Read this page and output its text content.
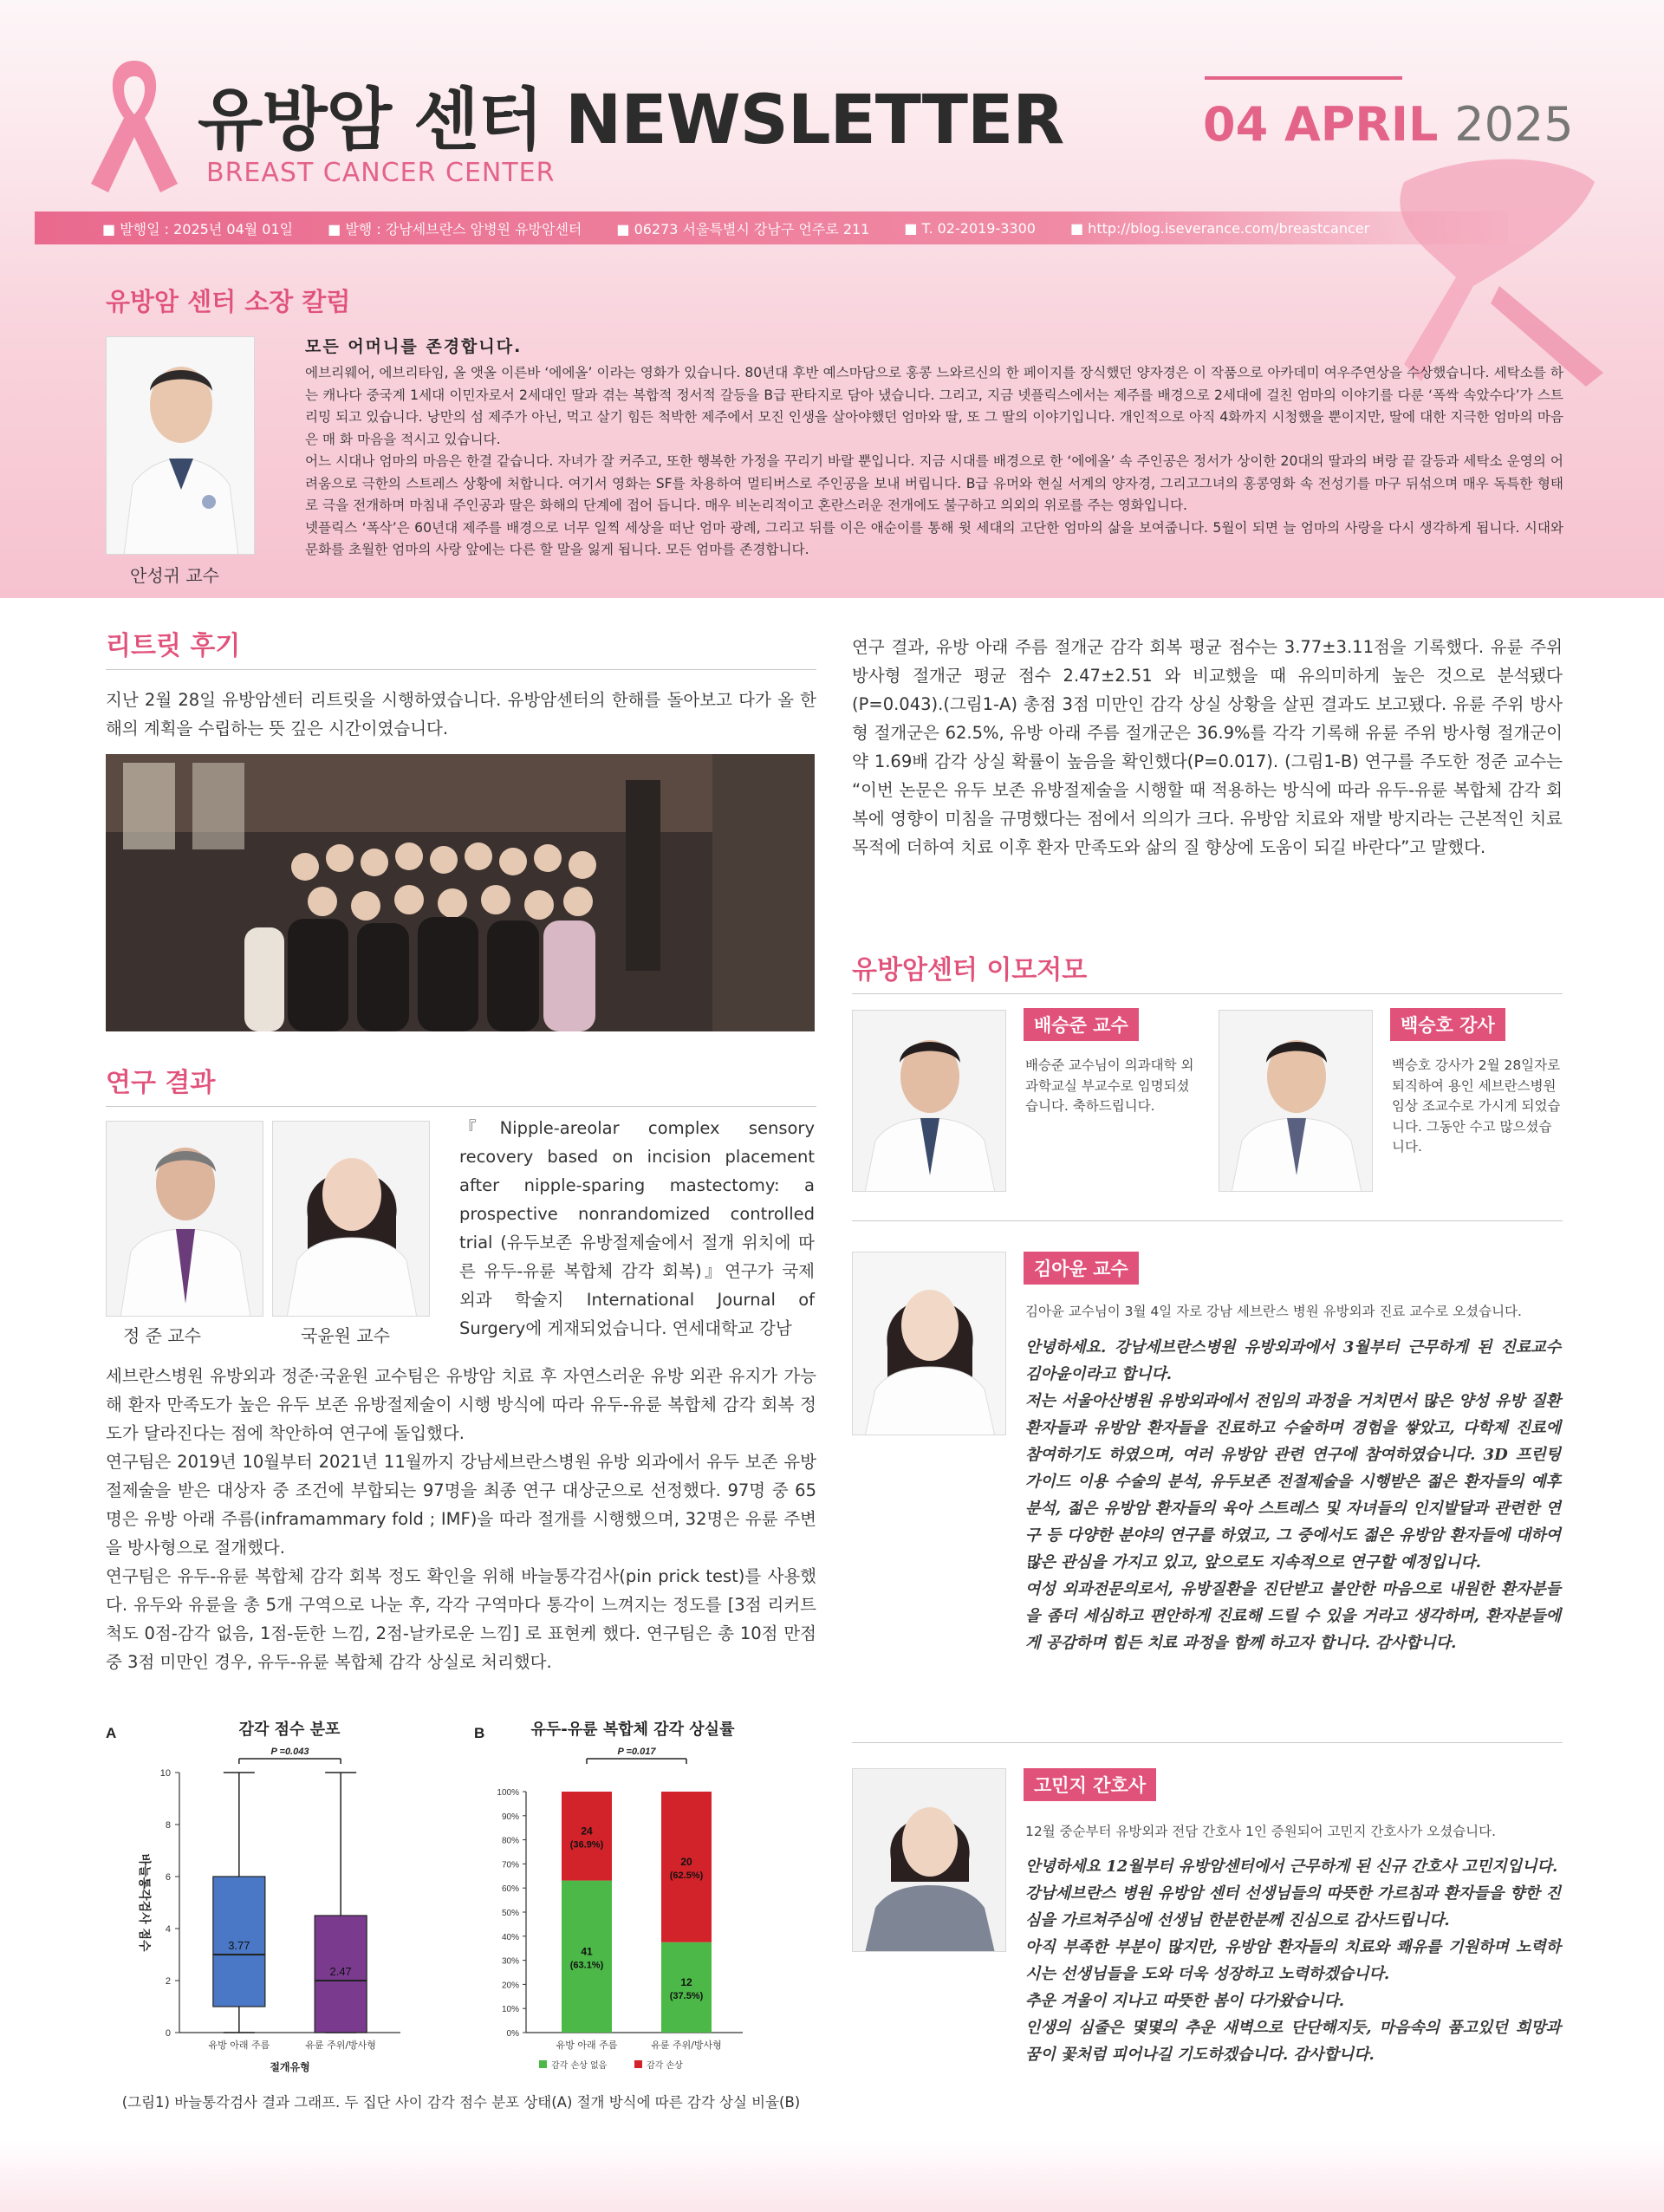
유방암 센터 NEWSLETTER
BREAST CANCER CENTER
04 APRIL 2025
■ 발행일 : 2025년 04월 01일	■ 발행 : 강남세브란스 암병원 유방암센터	■ 06273 서울특별시 강남구 언주로 211	■ T. 02-2019-3300	■ http://blog.iseverance.com/breastcancer
유방암 센터 소장 칼럼
안성귀 교수
모든 어머니를 존경합니다.

에브리웨어, 에브리타임, 올 앳올 이른바 ‘에에올’ 이라는 영화가 있습니다. 80년대 후반 예스마담으로 홍콩 느와르신의 한 페이지를 장식했던 양자경은 이 작품으로 아카데미 여우주연상을 수상했습니다. 세탁소를 하는 캐나다 중국계 1세대 이민자로서 2세대인 딸과 겪는 복합적 정서적 갈등을 B급 판타지로 담아 냈습니다. 그리고, 지금 넷플릭스에서는 제주를 배경으로 2세대에 걸친 엄마의 이야기를 다룬 ‘폭싹 속았수다’가 스트리밍 되고 있습니다. 낭만의 섬 제주가 아닌, 먹고 살기 힘든 척박한 제주에서 모진 인생을 살아야했던 엄마와 딸, 또 그 딸의 이야기입니다. 개인적으로 아직 4화까지 시청했을 뿐이지만, 딸에 대한 지극한 엄마의 마음은 매 화 마음을 적시고 있습니다.

어느 시대나 엄마의 마음은 한결 같습니다. 자녀가 잘 커주고, 또한 행복한 가정을 꾸리기 바랄 뿐입니다. 지금 시대를 배경으로 한 ‘에에올’ 속 주인공은 정서가 상이한 20대의 딸과의 벼랑 끝 갈등과 세탁소 운영의 어려움으로 극한의 스트레스 상황에 처합니다. 여기서 영화는 SF를 차용하여 멀티버스로 주인공을 보내 버립니다. B급 유머와 현실 서계의 양자경, 그리고그녀의 홍콩영화 속 전성기를 마구 뒤섞으며 매우 독특한 형태로 극을 전개하며 마침내 주인공과 딸은 화해의 단계에 접어 듭니다. 매우 비논리적이고 혼란스러운 전개에도 불구하고 의외의 위로를 주는 영화입니다.

넷플릭스 ‘폭삭’은 60년대 제주를 배경으로 너무 일찍 세상을 떠난 엄마 광례, 그리고 뒤를 이은 애순이를 통해 윗 세대의 고단한 엄마의 삶을 보여줍니다. 5월이 되면 늘 엄마의 사랑을 다시 생각하게 됩니다. 시대와 문화를 초월한 엄마의 사랑 앞에는 다른 할 말을 잃게 됩니다. 모든 엄마를 존경합니다.

리트릿 후기
지난 2월 28일 유방암센터 리트릿을 시행하였습니다. 유방암센터의 한해를 돌아보고 다가 올 한해의 계획을 수립하는 뜻 깊은 시간이였습니다.
연구 결과
정 준 교수	국윤원 교수
『Nipple-areolar complex sensory recovery based on incision placement after nipple-sparing mastectomy: a prospective nonrandomized controlled trial (유두보존 유방절제술에서 절개 위치에 따른 유두-유륜 복합체 감각 회복)』연구가 국제 외과 학술지 International Journal of Surgery에 게재되었습니다. 연세대학교 강남

세브란스병원 유방외과 정준·국윤원 교수팀은 유방암 치료 후 자연스러운 유방 외관 유지가 가능해 환자 만족도가 높은 유두 보존 유방절제술이 시행 방식에 따라 유두-유륜 복합체 감각 회복 정도가 달라진다는 점에 착안하여 연구에 돌입했다.

연구팀은 2019년 10월부터 2021년 11월까지 강남세브란스병원 유방 외과에서 유두 보존 유방절제술을 받은 대상자 중 조건에 부합되는 97명을 최종 연구 대상군으로 선정했다. 97명 중 65명은 유방 아래 주름(inframammary fold ; IMF)을 따라 절개를 시행했으며, 32명은 유륜 주변을 방사형으로 절개했다.

연구팀은 유두-유륜 복합체 감각 회복 정도 확인을 위해 바늘통각검사(pin prick test)를 사용했다. 유두와 유륜을 총 5개 구역으로 나눈 후, 각각 구역마다 통각이 느껴지는 정도를 [3점 리커트 척도 0점-감각 없음, 1점-둔한 느낌, 2점-날카로운 느낌] 로 표현케 했다. 연구팀은 총 10점 만점 중 3점 미만인 경우, 유두-유륜 복합체 감각 상실로 처리했다.

A	감각 점수 분포
0
2
4
6
8
10
바늘통각검사 점수	3.77
유방 아래 주름
2.47
유륜 주위/방사형
P =0.043
절개유형
B	유두-유륜 복합체 감각 상실률
0%
10%
20%
30%
40%
50%
60%
70%
80%
90%
100%
41
(63.1%)
24
(36.9%)
유방 아래 주름
12
(37.5%)
20
(62.5%)
유륜 주위/방사형
P =0.017
감각 손상 없음	감각 손상
(그림1) 바늘통각검사 결과 그래프. 두 집단 사이 감각 점수 분포 상태(A) 절개 방식에 따른 감각 상실 비율(B)
연구 결과, 유방 아래 주름 절개군 감각 회복 평균 점수는 3.77±3.11점을 기록했다. 유륜 주위 방사형 절개군 평균 점수 2.47±2.51 와 비교했을 때 유의미하게 높은 것으로 분석됐다(P=0.043).(그림1-A) 총점 3점 미만인 감각 상실 상황을 살핀 결과도 보고됐다. 유륜 주위 방사형 절개군은 62.5%, 유방 아래 주름 절개군은 36.9%를 각각 기록해 유륜 주위 방사형 절개군이 약 1.69배 감각 상실 확률이 높음을 확인했다(P=0.017). (그림1-B) 연구를 주도한 정준 교수는 “이번 논문은 유두 보존 유방절제술을 시행할 때 적용하는 방식에 따라 유두-유륜 복합체 감각 회복에 영향이 미침을 규명했다는 점에서 의의가 크다. 유방암 치료와 재발 방지라는 근본적인 치료 목적에 더하여 치료 이후 환자 만족도와 삶의 질 향상에 도움이 되길 바란다”고 말했다.
유방암센터 이모저모
배승준 교수
배승준 교수님이 의과대학 외과학교실 부교수로 임명되셨습니다. 축하드립니다.
백승호 강사
백승호 강사가 2월 28일자로 퇴직하여 용인 세브란스병원 임상 조교수로 가시게 되었습니다. 그동안 수고 많으셨습니다.
김아윤 교수
김아윤 교수님이 3월 4일 자로 강남 세브란스 병원 유방외과 진료 교수로 오셨습니다.

안녕하세요. 강남세브란스병원 유방외과에서 3월부터 근무하게 된 진료교수 김아윤이라고 합니다.

저는 서울아산병원 유방외과에서 전임의 과정을 거치면서 많은 양성 유방 질환 환자들과 유방암 환자들을 진료하고 수술하며 경험을 쌓았고, 다학제 진료에 참여하기도 하였으며, 여러 유방암 관련 연구에 참여하였습니다. 3D 프린팅 가이드 이용 수술의 분석, 유두보존 전절제술을 시행받은 젊은 환자들의 예후 분석, 젊은 유방암 환자들의 육아 스트레스 및 자녀들의 인지발달과 관련한 연구 등 다양한 분야의 연구를 하였고, 그 중에서도 젊은 유방암 환자들에 대하여 많은 관심을 가지고 있고, 앞으로도 지속적으로 연구할 예정입니다.

여성 외과전문의로서, 유방질환을 진단받고 불안한 마음으로 내원한 환자분들을 좀더 세심하고 편안하게 진료해 드릴 수 있을 거라고 생각하며, 환자분들에게 공감하며 힘든 치료 과정을 함께 하고자 합니다. 감사합니다.

고민지 간호사
12월 중순부터 유방외과 전담 간호사 1인 증원되어 고민지 간호사가 오셨습니다.

안녕하세요 12월부터 유방암센터에서 근무하게 된 신규 간호사 고민지입니다.

강남세브란스 병원 유방암 센터 선생님들의 따뜻한 가르침과 환자들을 향한 진심을 가르쳐주심에 선생님 한분한분께 진심으로 감사드립니다.

아직 부족한 부분이 많지만, 유방암 환자들의 치료와 쾌유를 기원하며 노력하시는 선생님들을 도와 더욱 성장하고 노력하겠습니다.

추운 겨울이 지나고 따뜻한 봄이 다가왔습니다.

인생의 심줄은 몇몇의 추운 새벽으로 단단해지듯, 마음속의 품고있던 희망과 꿈이 꽃처럼 피어나길 기도하겠습니다. 감사합니다.
